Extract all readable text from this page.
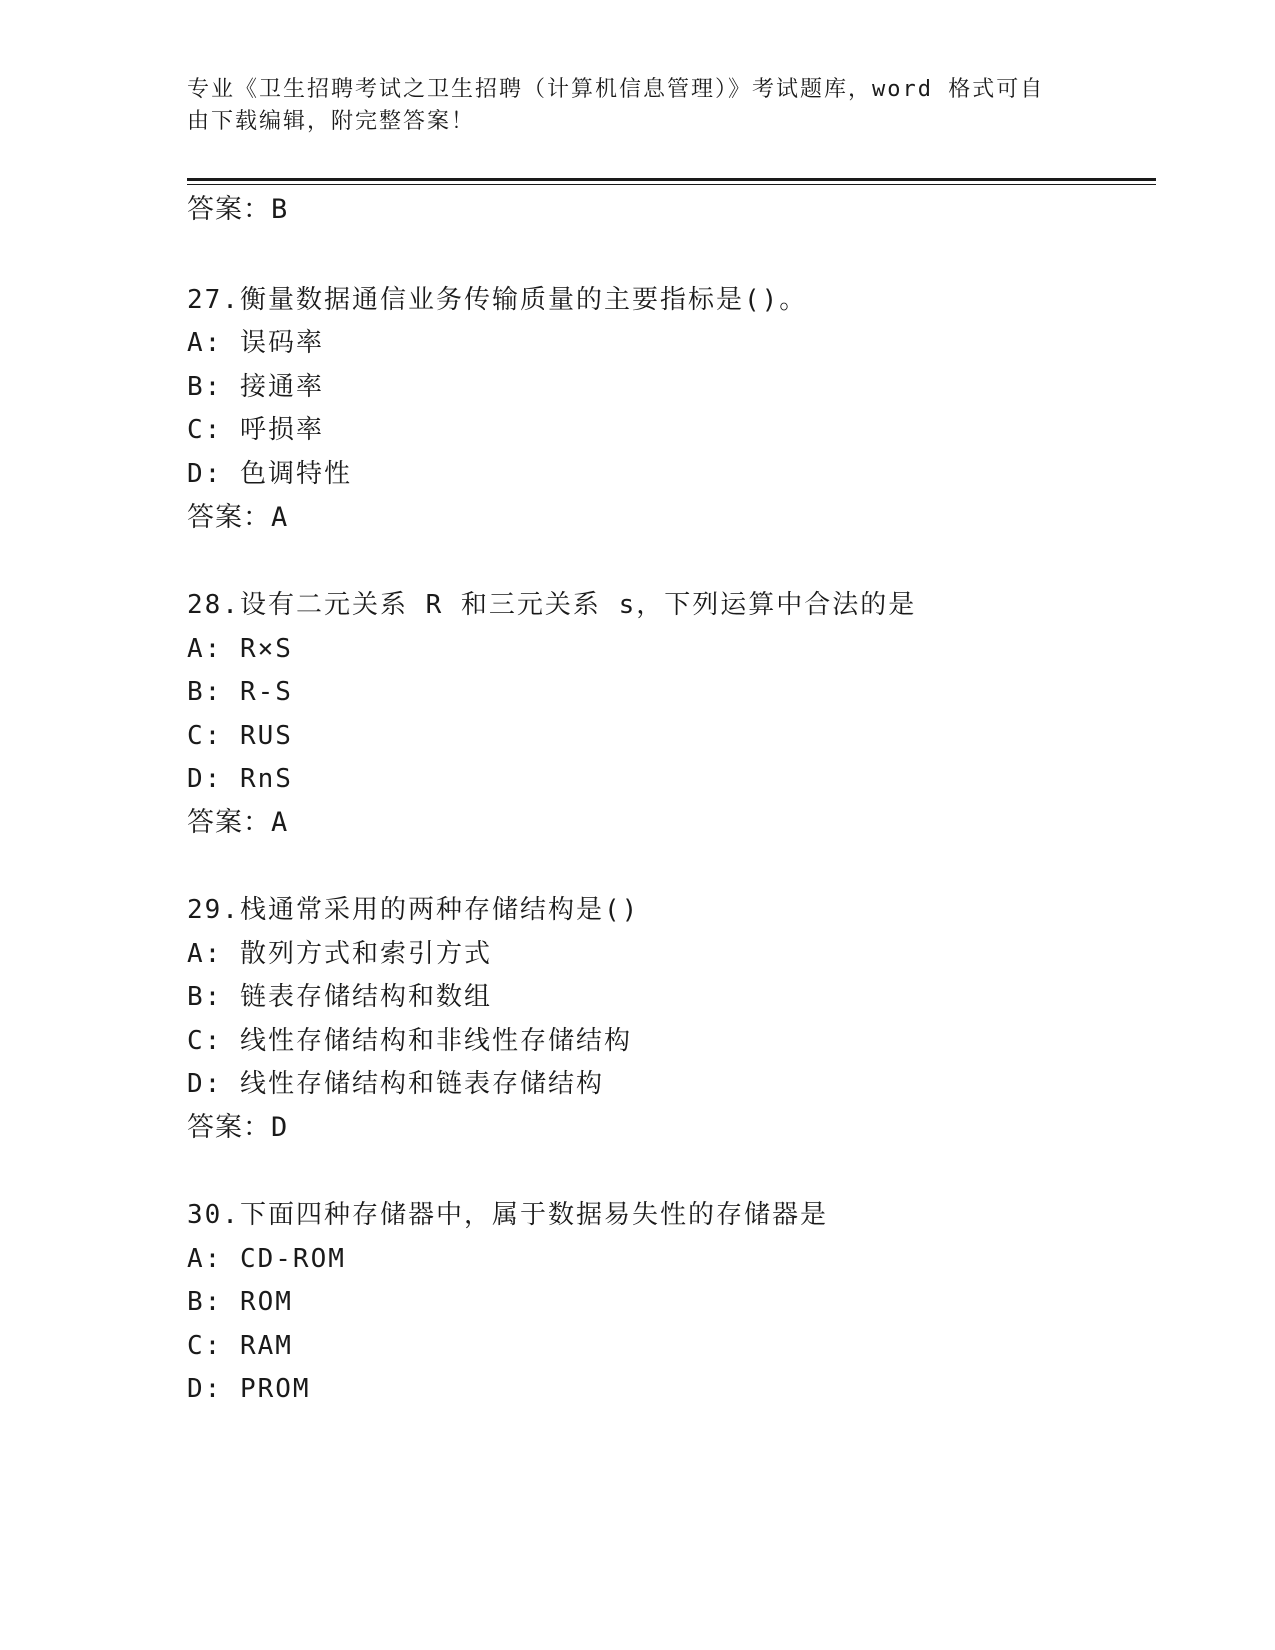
专业《卫生招聘考试之卫生招聘（计算机信息管理）》考试题库，word 格式可自
由下载编辑，附完整答案！
答案：B
27.衡量数据通信业务传输质量的主要指标是()。
A: 误码率
B: 接通率
C: 呼损率
D: 色调特性
答案：A
28.设有二元关系 R 和三元关系 s，下列运算中合法的是
A: R×S
B: R-S
C: RUS
D: RnS
答案：A
29.栈通常采用的两种存储结构是()
A: 散列方式和索引方式
B: 链表存储结构和数组
C: 线性存储结构和非线性存储结构
D: 线性存储结构和链表存储结构
答案：D
30.下面四种存储器中，属于数据易失性的存储器是
A: CD-ROM
B: ROM
C: RAM
D: PROM
